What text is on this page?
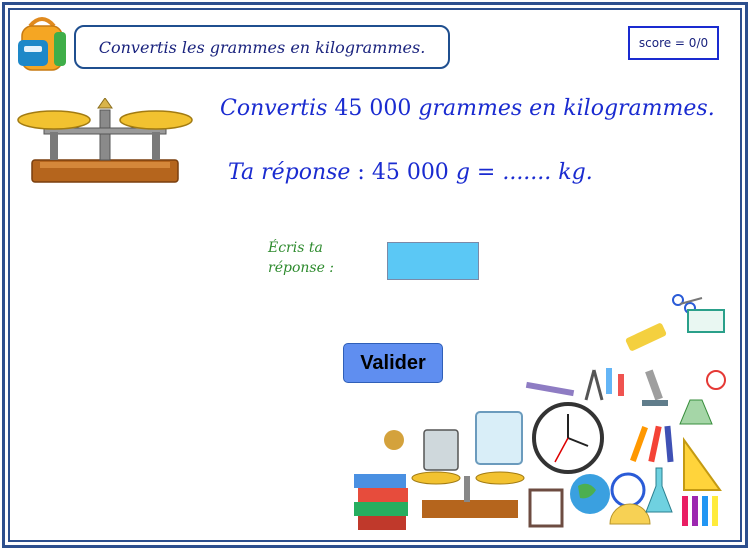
Convertis les grammes en kilogrammes.	score = 0/0
Convertis 45 000 grammes en kilogrammes.
Ta réponse : 45 000 g = ....... kg.
Écris ta
réponse :
Valider
